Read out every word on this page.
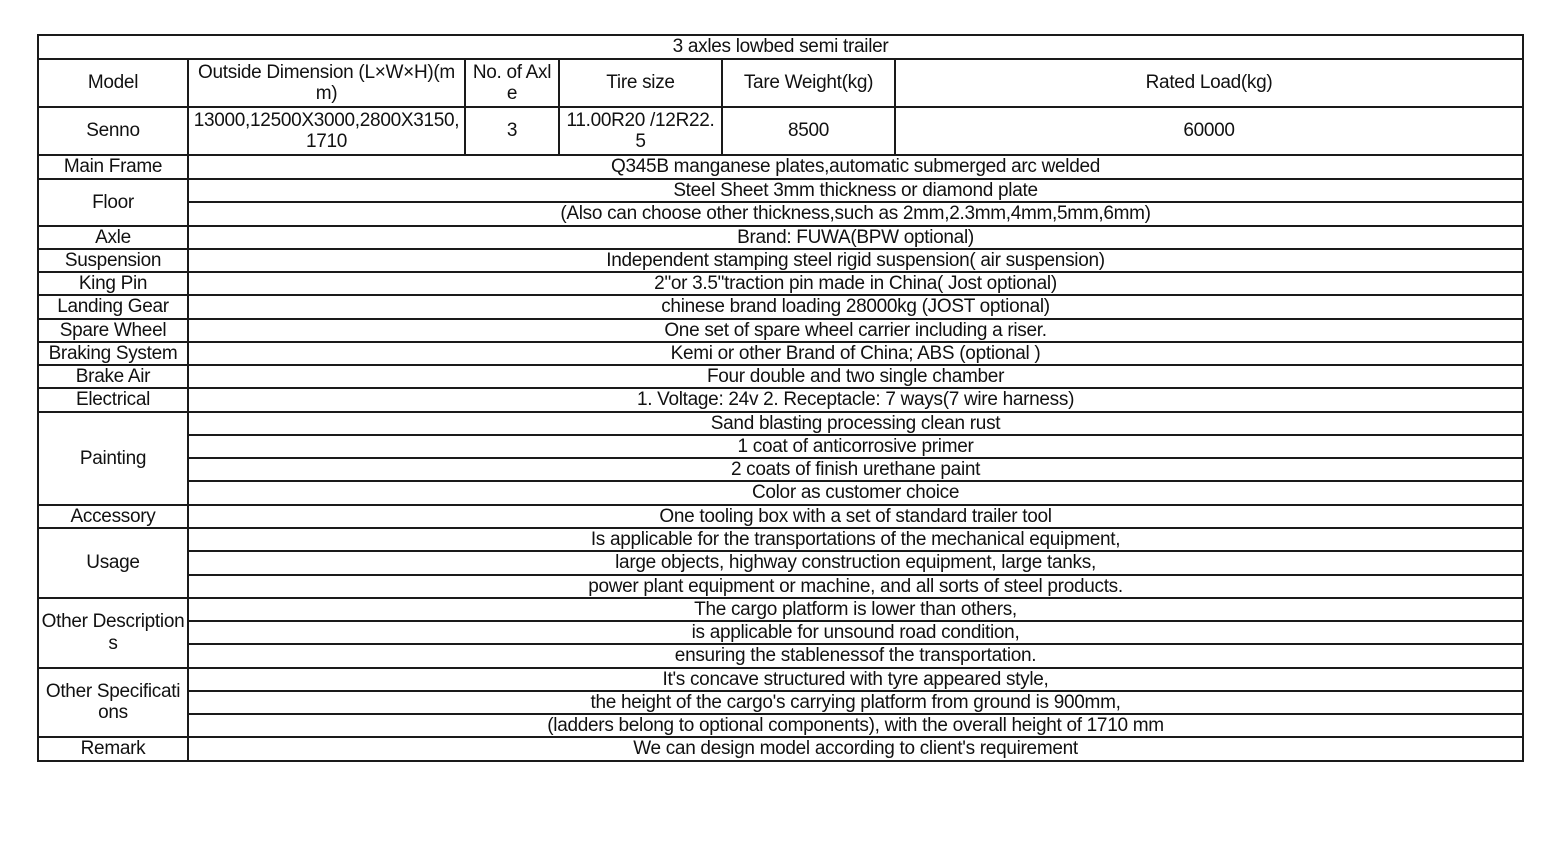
3 axles lowbed semi trailer					
Model	Outside Dimension (L×W×H)(mm)	No. of Axle	Tire size	Tare Weight(kg)	Rated Load(kg)
Senno	13000,12500X3000,2800X3150,1710	3	11.00R20 /12R22.5	8500	60000
Main Frame	Q345B manganese plates,automatic submerged arc welded				
Floor	Steel Sheet 3mm thickness or diamond plate				
	(Also can choose other thickness,such as 2mm,2.3mm,4mm,5mm,6mm)				
Axle	Brand: FUWA(BPW optional)				
Suspension	Independent stamping steel rigid suspension( air suspension)				
King Pin	2"or 3.5"traction pin made in China( Jost optional)				
Landing Gear	chinese brand loading 28000kg (JOST optional)				
Spare Wheel	One set of spare wheel carrier including a riser.				
Braking System	Kemi or other Brand of China; ABS (optional )				
Brake Air	Four double and two single chamber				
Electrical	1. Voltage: 24v 2. Receptacle: 7 ways(7 wire harness)				
Painting	Sand blasting processing clean rust				
	1 coat of anticorrosive primer				
	2 coats of finish urethane paint				
	Color as customer choice				
Accessory	One tooling box with a set of standard trailer tool				
Usage	Is applicable for the transportations of the mechanical equipment,				
	large objects, highway construction equipment, large tanks,				
	power plant equipment or machine, and all sorts of steel products.				
Other Descriptions	The cargo platform is lower than others,				
	is applicable for unsound road condition,				
	ensuring the stablenessof the transportation.				
Other Specifications	It's concave structured with tyre appeared style,				
	the height of the cargo's carrying platform from ground is 900mm,				
	(ladders belong to optional components), with the overall height of 1710 mm				
Remark	We can design model according to client's requirement				
